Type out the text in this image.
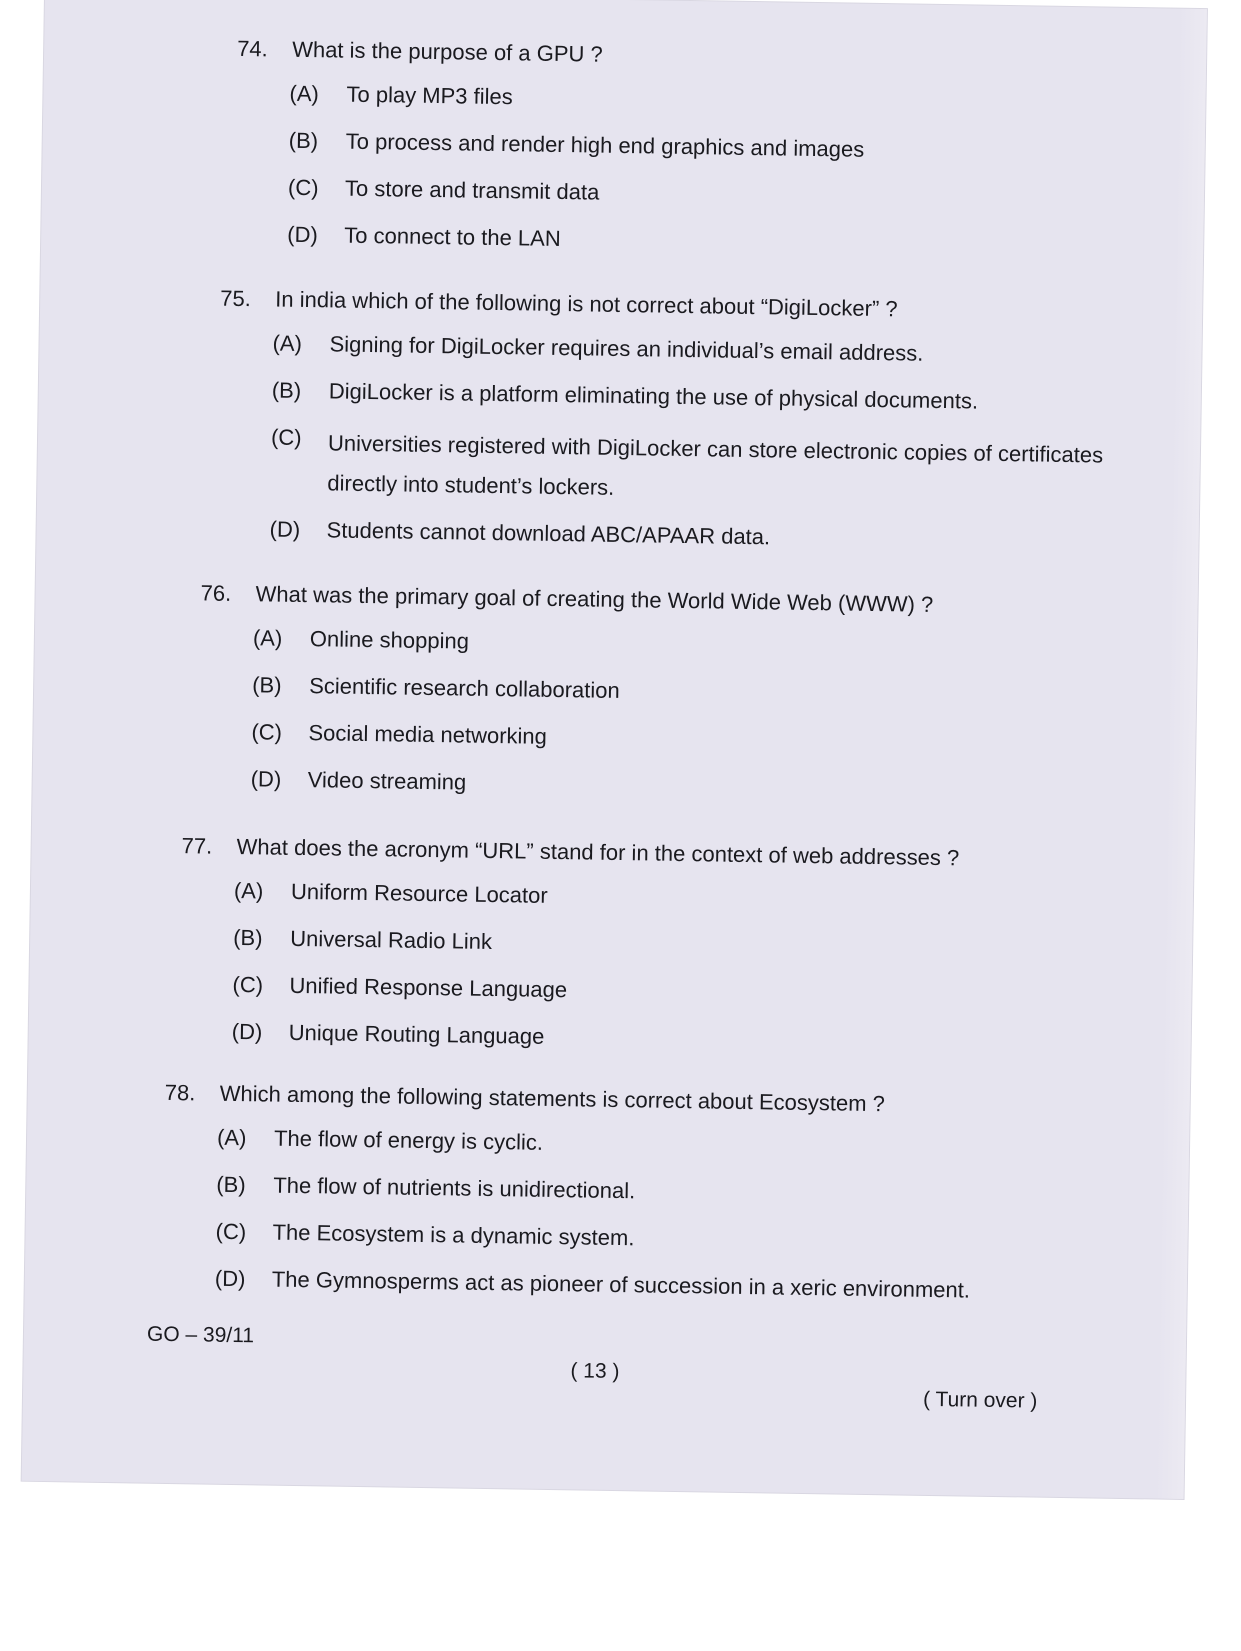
74. What is the purpose of a GPU ?
(A) To play MP3 files
(B) To process and render high end graphics and images
(C) To store and transmit data
(D) To connect to the LAN
75. In india which of the following is not correct about “DigiLocker” ?
(A) Signing for DigiLocker requires an individual’s email address.
(B) DigiLocker is a platform eliminating the use of physical documents.
(C) Universities registered with DigiLocker can store electronic copies of certificates directly into student’s lockers.
(D) Students cannot download ABC/APAAR data.
76. What was the primary goal of creating the World Wide Web (WWW) ?
(A) Online shopping
(B) Scientific research collaboration
(C) Social media networking
(D) Video streaming
77. What does the acronym “URL” stand for in the context of web addresses ?
(A) Uniform Resource Locator
(B) Universal Radio Link
(C) Unified Response Language
(D) Unique Routing Language
78. Which among the following statements is correct about Ecosystem ?
(A) The flow of energy is cyclic.
(B) The flow of nutrients is unidirectional.
(C) The Ecosystem is a dynamic system.
(D) The Gymnosperms act as pioneer of succession in a xeric environment.
GO – 39/11
( 13 )
( Turn over )
